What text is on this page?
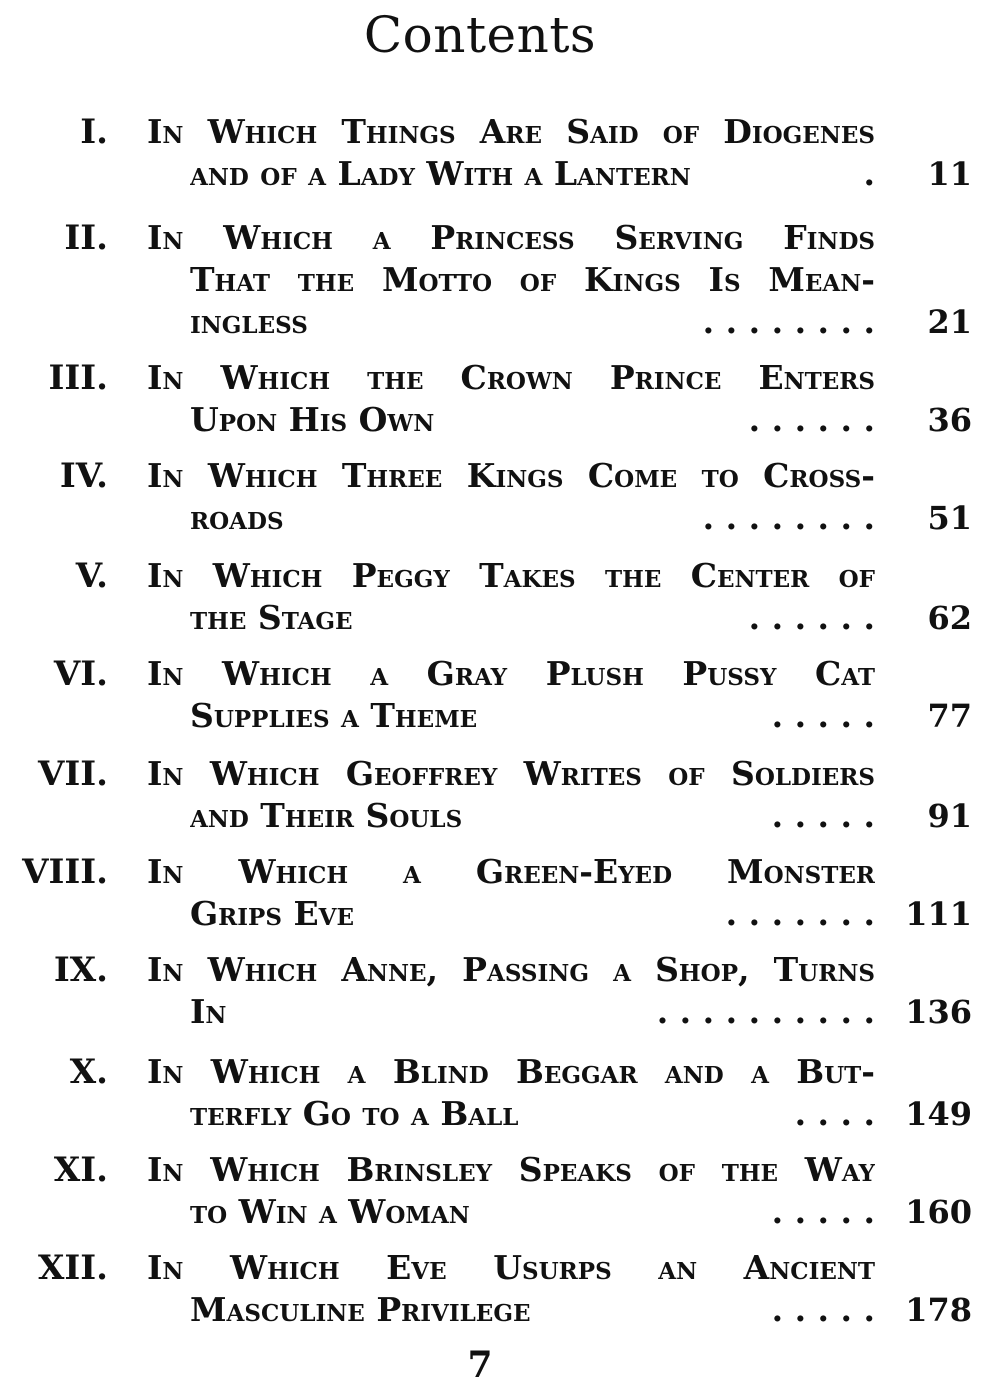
Contents
I. In Which Things Are Said of Diogenes
and of a Lady With a Lantern	.	11
II. In Which a Princess Serving Finds
That the Motto of Kings Is Mean-
ingless	. . . . . . . .	21
III. In Which the Crown Prince Enters
Upon His Own	. . . . . .	36
IV. In Which Three Kings Come to Cross-
roads	. . . . . . . .	51
V. In Which Peggy Takes the Center of
the Stage	. . . . . .	62
VI. In Which a Gray Plush Pussy Cat
Supplies a Theme	. . . . .	77
VII. In Which Geoffrey Writes of Soldiers
and Their Souls	. . . . .	91
VIII. In Which a Green-Eyed Monster
Grips Eve	. . . . . . . 111
IX. In Which Anne, Passing a Shop, Turns
In	. . . . . . . . . . 136
X. In Which a Blind Beggar and a But-
terfly Go to a Ball	. . . . 149
XI. In Which Brinsley Speaks of the Way
to Win a Woman	. . . . . 160
XII. In Which Eve Usurps an Ancient
Masculine Privilege	. . . . . 178
7
